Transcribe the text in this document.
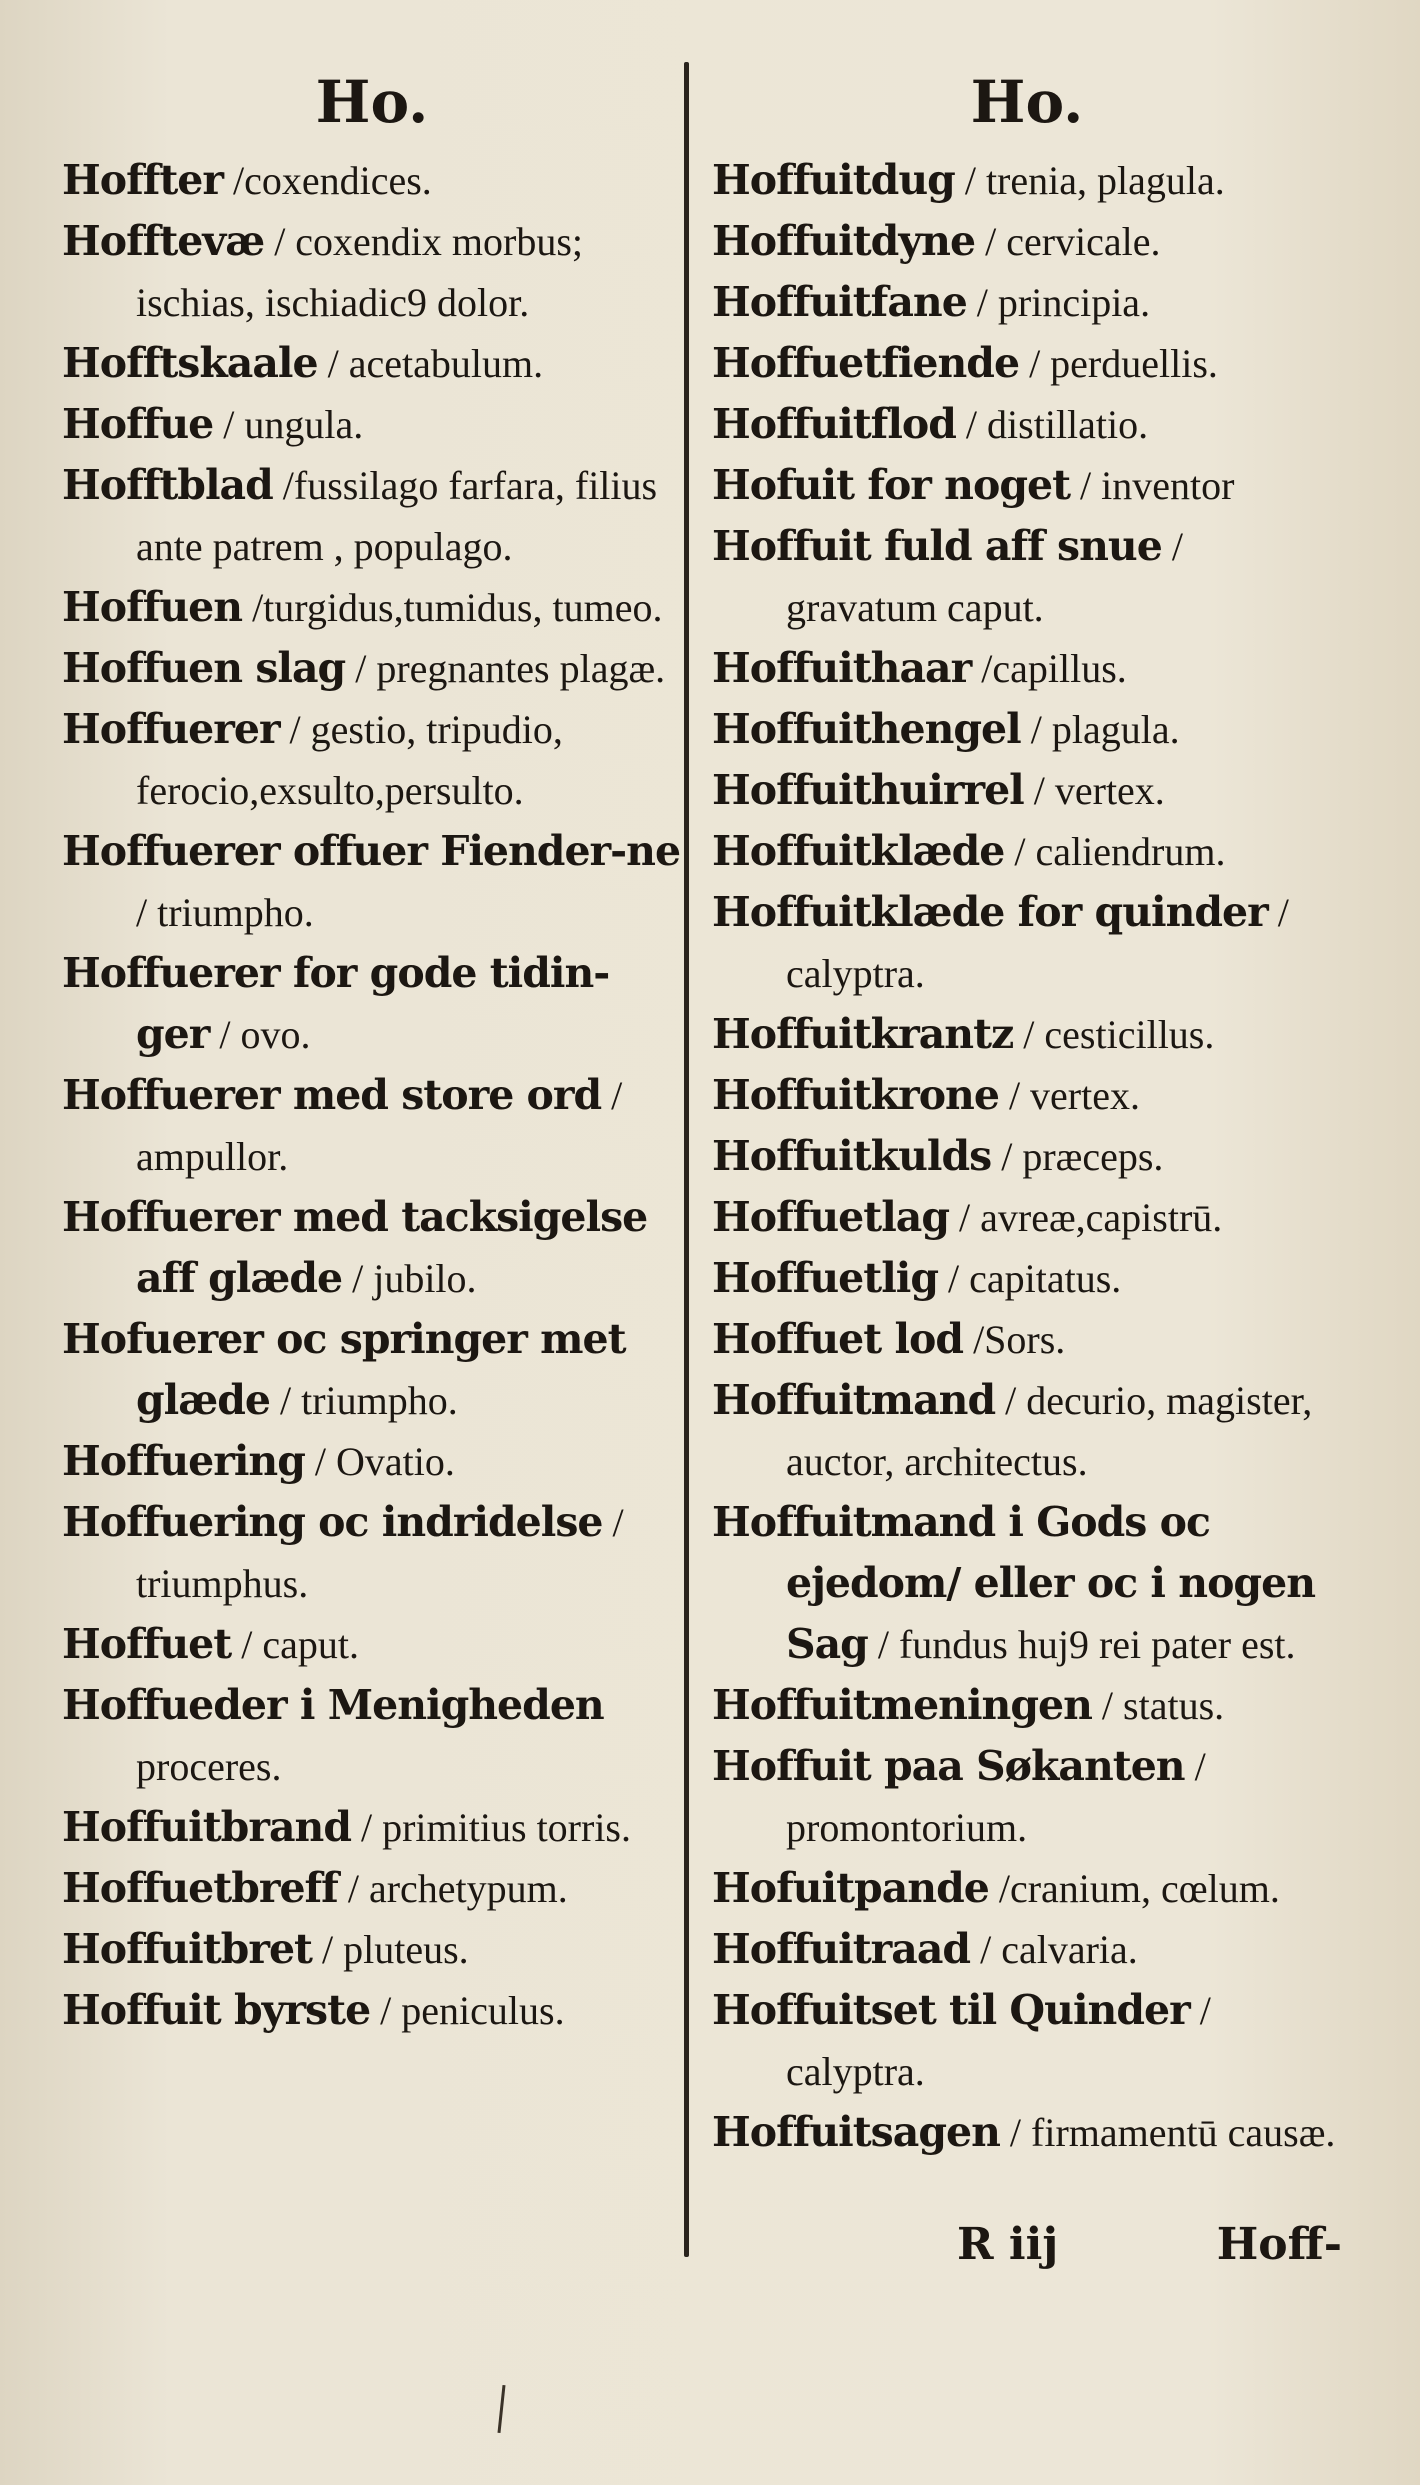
Ho.
Hoffter /coxendices.
Hofftevæ / coxendix morbus; ischias, ischiadic9 dolor.
Hofftskaale / acetabulum.
Hoffue / ungula.
Hofftblad /fussilago farfara, filius ante patrem , populago.
Hoffuen /turgidus,tumidus, tumeo.
Hoffuen slag / pregnantes plagæ.
Hoffuerer / gestio, tripudio, ferocio,exsulto,persulto.
Hoffuerer offuer Fiender-ne / triumpho.
Hoffuerer for gode tidin-ger / ovo.
Hoffuerer med store ord / ampullor.
Hoffuerer med tacksigelse aff glæde / jubilo.
Hofuerer oc springer met glæde / triumpho.
Hoffuering / Ovatio.
Hoffuering oc indridelse / triumphus.
Hoffuet / caput.
Hoffueder i Menigheden proceres.
Hoffuitbrand / primitius torris.
Hoffuetbreff / archetypum.
Hoffuitbret / pluteus.
Hoffuit byrste / peniculus.
Ho.
Hoffuitdug / trenia, plagula.
Hoffuitdyne / cervicale.
Hoffuitfane / principia.
Hoffuetfiende / perduellis.
Hoffuitflod / distillatio.
Hofuit for noget / inventor
Hoffuit fuld aff snue / gravatum caput.
Hoffuithaar /capillus.
Hoffuithengel / plagula.
Hoffuithuirrel / vertex.
Hoffuitklæde / caliendrum.
Hoffuitklæde for quinder / calyptra.
Hoffuitkrantz / cesticillus.
Hoffuitkrone / vertex.
Hoffuitkulds / præceps.
Hoffuetlag / avreæ,capistrū.
Hoffuetlig / capitatus.
Hoffuet lod /Sors.
Hoffuitmand / decurio, magister, auctor, architectus.
Hoffuitmand i Gods oc ejedom/ eller oc i nogen Sag / fundus huj9 rei pater est.
Hoffuitmeningen / status.
Hoffuit paa Søkanten / promontorium.
Hofuitpande /cranium, cœlum.
Hoffuitraad / calvaria.
Hoffuitset til Quinder / calyptra.
Hoffuitsagen / firmamentū causæ.
R iij	Hoff-
